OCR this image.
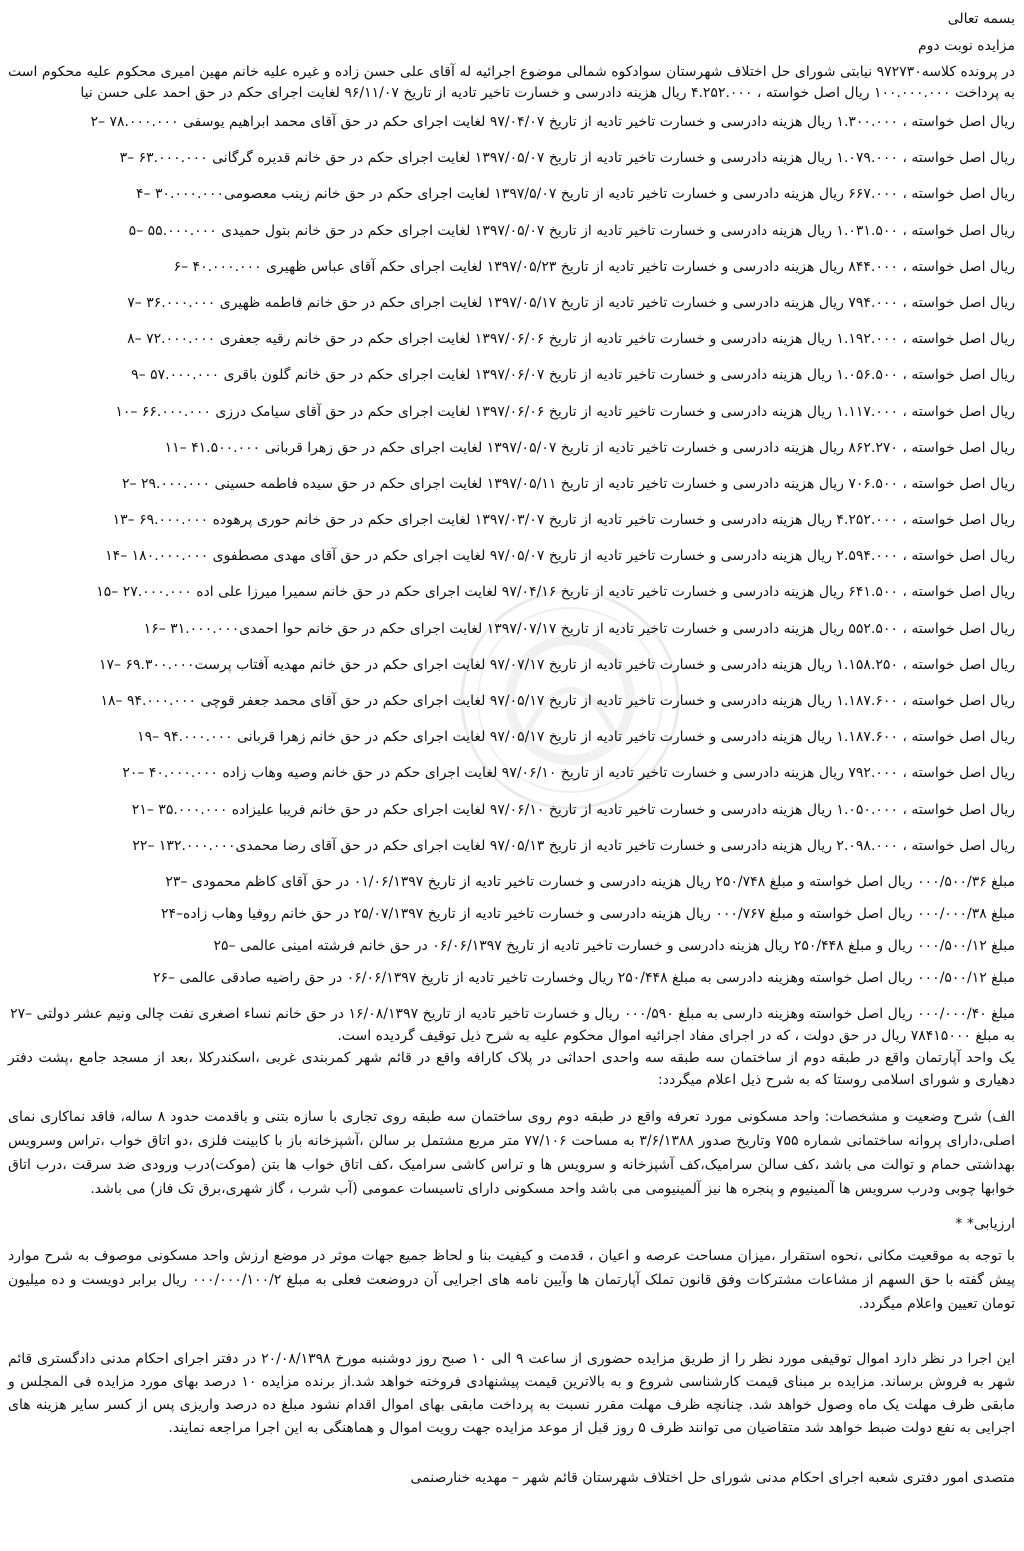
بسمه تعالی
مزایده نوبت دوم
در پرونده کلاسه۹۷۲۷۳۰ نیابتی شورای حل اختلاف شهرستان سوادکوه شمالی موضوع اجرائیه له آقای علی حسن زاده و غیره علیه خانم مهین امیری محکوم علیه محکوم است به پرداخت ۱۰۰.۰۰۰.۰۰۰ ریال اصل خواسته ، ۴.۲۵۲.۰۰۰ ریال هزینه دادرسی و خسارت تاخیر تادیه از تاریخ ۹۶/۱۱/۰۷ لغایت اجرای حکم در حق احمد علی حسن نیا
ریال اصل خواسته ، ۱.۳۰۰.۰۰۰ ریال هزینه دادرسی و خسارت تاخیر تادیه از تاریخ ۹۷/۰۴/۰۷ لغایت اجرای حکم در حق آقای محمد ابراهیم یوسفی ۷۸.۰۰۰.۰۰۰ –۲
ریال اصل خواسته ، ۱.۰۷۹.۰۰۰ ریال هزینه دادرسی و خسارت تاخیر تادیه از تاریخ ۱۳۹۷/۰۵/۰۷ لغایت اجرای حکم در حق خانم قدیره گرگانی ۶۳.۰۰۰.۰۰۰ –۳
ریال اصل خواسته ، ۶۶۷.۰۰۰ ریال هزینه دادرسی و خسارت تاخیر تادیه از تاریخ ۱۳۹۷/۵/۰۷ لغایت اجرای حکم در حق خانم زینب معصومی۳۰.۰۰۰.۰۰۰ –۴
ریال اصل خواسته ، ۱.۰۳۱.۵۰۰ ریال هزینه دادرسی و خسارت تاخیر تادیه از تاریخ ۱۳۹۷/۰۵/۰۷ لغایت اجرای حکم در حق خانم بتول حمیدی ۵۵.۰۰۰.۰۰۰ –۵
ریال اصل خواسته ، ۸۴۴.۰۰۰ ریال هزینه دادرسی و خسارت تاخیر تادیه از تاریخ ۱۳۹۷/۰۵/۲۳ لغایت اجرای حکم آقای عباس ظهیری ۴۰.۰۰۰.۰۰۰ –۶
ریال اصل خواسته ، ۷۹۴.۰۰۰ ریال هزینه دادرسی و خسارت تاخیر تادیه از تاریخ ۱۳۹۷/۰۵/۱۷ لغایت اجرای حکم در حق خانم فاطمه ظهیری ۳۶.۰۰۰.۰۰۰ –۷
ریال اصل خواسته ، ۱.۱۹۲.۰۰۰ ریال هزینه دادرسی و خسارت تاخیر تادیه از تاریخ ۱۳۹۷/۰۶/۰۶ لغایت اجرای حکم در حق خانم رقیه جعفری ۷۲.۰۰۰.۰۰۰ –۸
ریال اصل خواسته ، ۱.۰۵۶.۵۰۰ ریال هزینه دادرسی و خسارت تاخیر تادیه از تاریخ ۱۳۹۷/۰۶/۰۷ لغایت اجرای حکم در حق خانم گلون باقری ۵۷.۰۰۰.۰۰۰ –۹
ریال اصل خواسته ، ۱.۱۱۷.۰۰۰ ریال هزینه دادرسی و خسارت تاخیر تادیه از تاریخ ۱۳۹۷/۰۶/۰۶ لغایت اجرای حکم در حق آقای سیامک درزی ۶۶.۰۰۰.۰۰۰ –۱۰
ریال اصل خواسته ، ۸۶۲.۲۷۰ ریال هزینه دادرسی و خسارت تاخیر تادیه از تاریخ ۱۳۹۷/۰۵/۰۷ لغایت اجرای حکم در حق زهرا قربانی ۴۱.۵۰۰.۰۰۰ –۱۱
ریال اصل خواسته ، ۷۰۶.۵۰۰ ریال هزینه دادرسی و خسارت تاخیر تادیه از تاریخ ۱۳۹۷/۰۵/۱۱ لغایت اجرای حکم در حق سیده فاطمه حسینی ۲۹.۰۰۰.۰۰۰ –۲
ریال اصل خواسته ، ۴.۲۵۲.۰۰۰ ریال هزینه دادرسی و خسارت تاخیر تادیه از تاریخ ۱۳۹۷/۰۳/۰۷ لغایت اجرای حکم در حق خانم حوری پرهوده ۶۹.۰۰۰.۰۰۰ –۱۳
ریال اصل خواسته ، ۲.۵۹۴.۰۰۰ ریال هزینه دادرسی و خسارت تاخیر تادیه از تاریخ ۹۷/۰۵/۰۷ لغایت اجرای حکم در حق آقای مهدی مصطفوی ۱۸۰.۰۰۰.۰۰۰ –۱۴
ریال اصل خواسته ، ۶۴۱.۵۰۰ ریال هزینه دادرسی و خسارت تاخیر تادیه از تاریخ ۹۷/۰۴/۱۶ لغایت اجرای حکم در حق خانم سمیرا میرزا علی اده ۲۷.۰۰۰.۰۰۰ –۱۵
ریال اصل خواسته ، ۵۵۲.۵۰۰ ریال هزینه دادرسی و خسارت تاخیر تادیه از تاریخ ۱۳۹۷/۰۷/۱۷ لغایت اجرای حکم در حق خانم حوا احمدی۳۱.۰۰۰.۰۰۰ –۱۶
ریال اصل خواسته ، ۱.۱۵۸.۲۵۰ ریال هزینه دادرسی و خسارت تاخیر تادیه از تاریخ ۹۷/۰۷/۱۷ لغایت اجرای حکم در حق خانم مهدیه آفتاب پرست۶۹.۳۰۰.۰۰۰ –۱۷
ریال اصل خواسته ، ۱.۱۸۷.۶۰۰ ریال هزینه دادرسی و خسارت تاخیر تادیه از تاریخ ۹۷/۰۵/۱۷ لغایت اجرای حکم در حق آقای محمد جعفر قوچی ۹۴.۰۰۰.۰۰۰ –۱۸
ریال اصل خواسته ، ۱.۱۸۷.۶۰۰ ریال هزینه دادرسی و خسارت تاخیر تادیه از تاریخ ۹۷/۰۵/۱۷ لغایت اجرای حکم در حق خانم زهرا قربانی ۹۴.۰۰۰.۰۰۰ –۱۹
ریال اصل خواسته ، ۷۹۲.۰۰۰ ریال هزینه دادرسی و خسارت تاخیر تادیه از تاریخ ۹۷/۰۶/۱۰ لغایت اجرای حکم در حق خانم وصیه وهاب زاده ۴۰.۰۰۰.۰۰۰ –۲۰
ریال اصل خواسته ، ۱.۰۵۰.۰۰۰ ریال هزینه دادرسی و خسارت تاخیر تادیه از تاریخ ۹۷/۰۶/۱۰ لغایت اجرای حکم در حق خانم فریبا علیزاده ۳۵.۰۰۰.۰۰۰ –۲۱
ریال اصل خواسته ، ۲.۰۹۸.۰۰۰ ریال هزینه دادرسی و خسارت تاخیر تادیه از تاریخ ۹۷/۰۵/۱۳ لغایت اجرای حکم در حق آقای رضا محمدی۱۳۲.۰۰۰.۰۰۰ –۲۲
مبلغ ۰۰۰/۵۰۰/۳۶ ریال اصل خواسته و مبلغ ۲۵۰/۷۴۸ ریال هزینه دادرسی و خسارت تاخیر تادیه از تاریخ ۰۱/۰۶/۱۳۹۷ در حق آقای کاظم محمودی –۲۳
مبلغ ۰۰۰/۰۰۰/۳۸ ریال اصل خواسته و مبلغ ۰۰۰/۷۶۷ ریال هزینه دادرسی و خسارت تاخیر تادیه از تاریخ ۲۵/۰۷/۱۳۹۷ در حق خانم روفیا وهاب زاده–۲۴
مبلغ ۰۰۰/۵۰۰/۱۲ ریال و مبلغ ۲۵۰/۴۴۸ ریال هزینه دادرسی و خسارت تاخیر تادیه از تاریخ ۰۶/۰۶/۱۳۹۷ در حق خانم فرشته امینی عالمی –۲۵
مبلغ ۰۰۰/۵۰۰/۱۲ ریال اصل خواسته وهزینه دادرسی به مبلغ ۲۵۰/۴۴۸ ریال وخسارت تاخیر تادیه از تاریخ ۰۶/۰۶/۱۳۹۷ در حق راضیه صادقی عالمی –۲۶
مبلغ ۰۰۰/۰۰۰/۴۰ ریال اصل خواسته وهزینه دارسی به مبلغ ۰۰۰/۵۹۰ ریال و خسارت تاخیر تادیه از تاریخ ۱۶/۰۸/۱۳۹۷ در حق خانم نساء اصغری نفت چالی ونیم عشر دولتی –۲۷
به مبلغ ۷۸۴۱۵۰۰۰ ریال در حق دولت ، که در اجرای مفاد اجرائیه اموال محکوم علیه به شرح ذیل توقیف گردیده است.
یک واحد آپارتمان واقع در طبقه دوم از ساختمان سه طبقه سه واحدی احداثی در پلاک کارافه واقع در قائم شهر کمربندی غربی ،اسکندرکلا ،بعد از مسجد جامع ،پشت دفتر دهیاری و شورای اسلامی روستا که به شرح ذیل اعلام میگردد:
الف) شرح وضعیت و مشخصات: واحد مسکونی مورد تعرفه واقع در طبقه دوم روی ساختمان سه طبقه روی تجاری با سازه بتنی و باقدمت حدود ۸ ساله، فاقد نماکاری نمای اصلی،دارای پروانه ساختمانی شماره ۷۵۵ وتاریخ صدور ۳/۶/۱۳۸۸ به مساحت ۷۷/۱۰۶ متر مربع مشتمل بر سالن ،آشپزخانه باز با کابینت فلزی ،دو اتاق خواب ،تراس وسرویس بهداشتی حمام و توالت می باشد ،کف سالن سرامیک،کف آشپزخانه و سرویس ها و تراس کاشی سرامیک ،کف اتاق خواب ها بتن (موکت)درب ورودی ضد سرقت ،درب اتاق خوابها چوبی ودرب سرویس ها آلمینیوم و پنجره ها نیز آلمینیومی می باشد واحد مسکونی دارای تاسیسات عمومی (آب شرب ، گاز شهری،برق تک فاز) می باشد.
ارزیابی* *
با توجه به موقعیت مکانی ،نحوه استقرار ،میزان مساحت عرصه و اعیان ، قدمت و کیفیت بنا و لحاظ جمیع جهات موثر در موضع ارزش واحد مسکونی موصوف به شرح موارد پیش گفته با حق السهم از مشاعات مشترکات وفق قانون تملک آپارتمان ها وآیین نامه های اجرایی آن دروضعت فعلی به مبلغ ۰۰۰/۰۰۰/۱۰۰/۲ ریال برابر دویست و ده میلیون تومان تعیین واعلام میگردد.
این اجرا در نظر دارد اموال توقیفی مورد نظر را از طریق مزایده حضوری از ساعت ۹ الی ۱۰ صبح روز دوشنبه مورخ ۲۰/۰۸/۱۳۹۸ در دفتر اجرای احکام مدنی دادگستری قائم شهر به فروش برساند. مزایده بر مبنای قیمت کارشناسی شروع و به بالاترین قیمت پیشنهادی فروخته خواهد شد.از برنده مزایده ۱۰ درصد بهای مورد مزایده فی المجلس و مابقی ظرف مهلت یک ماه وصول خواهد شد. چنانچه ظرف مهلت مقرر نسبت به پرداخت مابقی بهای اموال اقدام نشود مبلغ ده درصد واریزی پس از کسر سایر هزینه های اجرایی به نفع دولت ضبط خواهد شد متقاضیان می توانند ظرف ۵ روز قبل از موعد مزایده جهت رویت اموال و هماهنگی به این اجرا مراجعه نمایند.
متصدی امور دفتری شعبه اجرای احکام مدنی شورای حل اختلاف شهرستان قائم شهر – مهدیه خنارصنمی
